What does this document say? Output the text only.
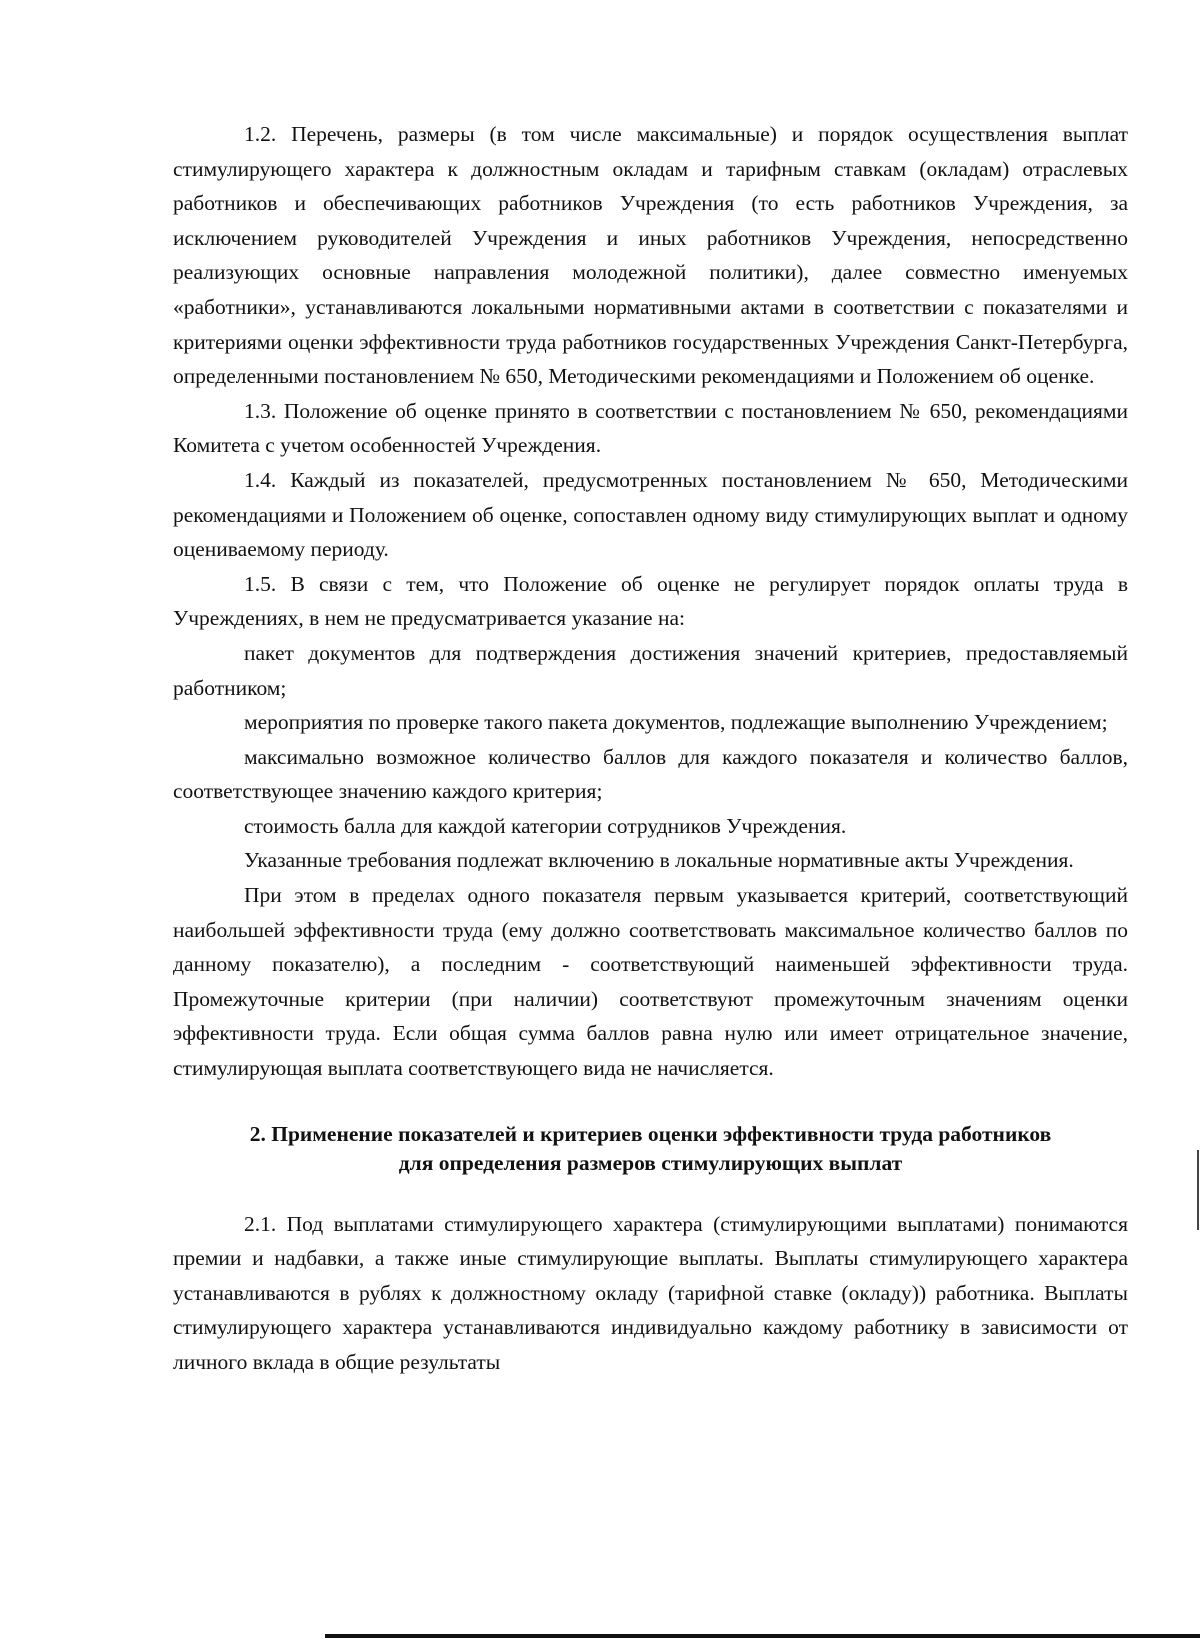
1.2. Перечень, размеры (в том числе максимальные) и порядок осуществления выплат стимулирующего характера к должностным окладам и тарифным ставкам (окладам) отраслевых работников и обеспечивающих работников Учреждения (то есть работников Учреждения, за исключением руководителей Учреждения и иных работников Учреждения, непосредственно реализующих основные направления молодежной политики), далее совместно именуемых «работники», устанавливаются локальными нормативными актами в соответствии с показателями и критериями оценки эффективности труда работников государственных Учреждения Санкт-Петербурга, определенными постановлением № 650, Методическими рекомендациями и Положением об оценке.

1.3. Положение об оценке принято в соответствии с постановлением № 650, рекомендациями Комитета с учетом особенностей Учреждения.

1.4. Каждый из показателей, предусмотренных постановлением № 650, Методическими рекомендациями и Положением об оценке, сопоставлен одному виду стимулирующих выплат и одному оцениваемому периоду.

1.5. В связи с тем, что Положение об оценке не регулирует порядок оплаты труда в Учреждениях, в нем не предусматривается указание на:

пакет документов для подтверждения достижения значений критериев, предоставляемый работником;

мероприятия по проверке такого пакета документов, подлежащие выполнению Учреждением;

максимально возможное количество баллов для каждого показателя и количество баллов, соответствующее значению каждого критерия;

стоимость балла для каждой категории сотрудников Учреждения.

Указанные требования подлежат включению в локальные нормативные акты Учреждения.

При этом в пределах одного показателя первым указывается критерий, соответствующий наибольшей эффективности труда (ему должно соответствовать максимальное количество баллов по данному показателю), а последним - соответствующий наименьшей эффективности труда. Промежуточные критерии (при наличии) соответствуют промежуточным значениям оценки эффективности труда. Если общая сумма баллов равна нулю или имеет отрицательное значение, стимулирующая выплата соответствующего вида не начисляется.

2. Применение показателей и критериев оценки эффективности труда работников
для определения размеров стимулирующих выплат

2.1. Под выплатами стимулирующего характера (стимулирующими выплатами) понимаются премии и надбавки, а также иные стимулирующие выплаты. Выплаты стимулирующего характера устанавливаются в рублях к должностному окладу (тарифной ставке (окладу)) работника. Выплаты стимулирующего характера устанавливаются индивидуально каждому работнику в зависимости от личного вклада в общие результаты
